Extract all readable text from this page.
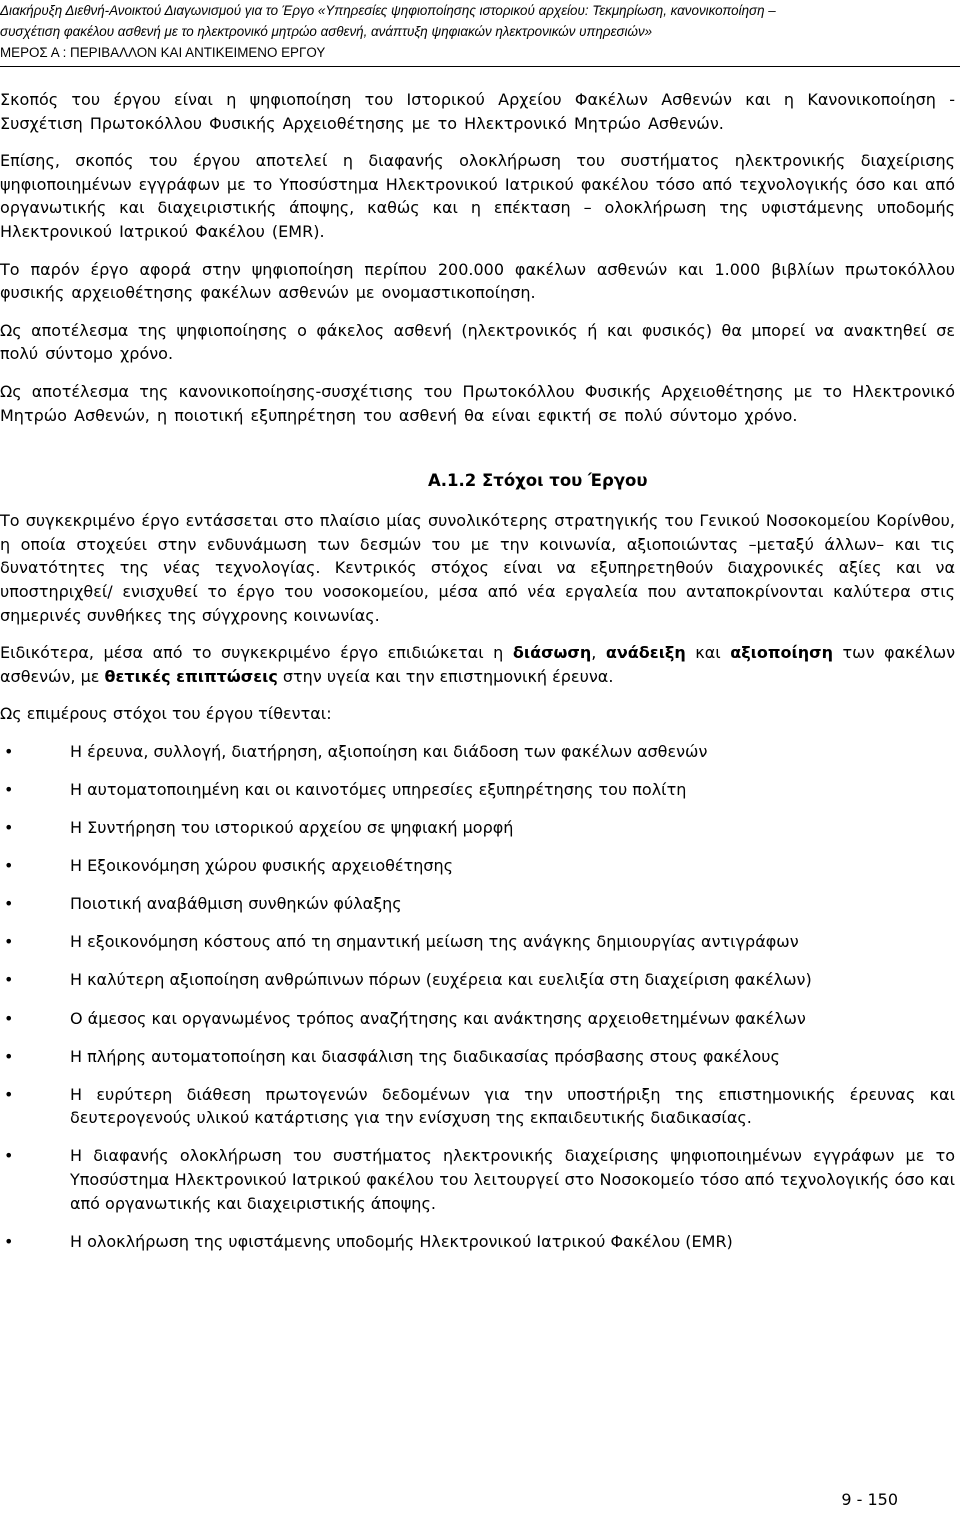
Διακήρυξη Διεθνή-Ανοικτού Διαγωνισμού για το Έργο «Υπηρεσίες ψηφιοποίησης ιστορικού αρχείου: Τεκμηρίωση, κανονικοποίηση –
συσχέτιση φακέλου ασθενή με το ηλεκτρονικό μητρώο ασθενή, ανάπτυξη ψηφιακών ηλεκτρονικών υπηρεσιών»
ΜΕΡΟΣ Α : ΠΕΡΙΒΑΛΛΟΝ ΚΑΙ ΑΝΤΙΚΕΙΜΕΝΟ ΕΡΓΟΥ

Σκοπός του έργου είναι η ψηφιοποίηση του Ιστορικού Αρχείου Φακέλων Ασθενών και η Κανονικοποίηση - Συσχέτιση Πρωτοκόλλου Φυσικής Αρχειοθέτησης με το Ηλεκτρονικό Μητρώο Ασθενών.

Επίσης, σκοπός του έργου αποτελεί η διαφανής ολοκλήρωση του συστήματος ηλεκτρονικής διαχείρισης ψηφιοποιημένων εγγράφων με το Υποσύστημα Ηλεκτρονικού Ιατρικού φακέλου τόσο από τεχνολογικής όσο και από οργανωτικής και διαχειριστικής άποψης, καθώς και η επέκταση – ολοκλήρωση της υφιστάμενης υποδομής Ηλεκτρονικού Ιατρικού Φακέλου (EMR).

Το παρόν έργο αφορά στην ψηφιοποίηση περίπου 200.000 φακέλων ασθενών και 1.000 βιβλίων πρωτοκόλλου φυσικής αρχειοθέτησης φακέλων ασθενών με ονομαστικοποίηση.

Ως αποτέλεσμα της ψηφιοποίησης ο φάκελος ασθενή (ηλεκτρονικός ή και φυσικός) θα μπορεί να ανακτηθεί σε πολύ σύντομο χρόνο.

Ως αποτέλεσμα της κανονικοποίησης-συσχέτισης του Πρωτοκόλλου Φυσικής Αρχειοθέτησης με το Ηλεκτρονικό Μητρώο Ασθενών, η ποιοτική εξυπηρέτηση του ασθενή θα είναι εφικτή σε πολύ σύντομο χρόνο.

Α.1.2 Στόχοι του Έργου

Το συγκεκριμένο έργο εντάσσεται στο πλαίσιο μίας συνολικότερης στρατηγικής του Γενικού Νοσοκομείου Κορίνθου, η οποία στοχεύει στην ενδυνάμωση των δεσμών του με την κοινωνία, αξιοποιώντας –μεταξύ άλλων– και τις δυνατότητες της νέας τεχνολογίας. Κεντρικός στόχος είναι να εξυπηρετηθούν διαχρονικές αξίες και να υποστηριχθεί/ ενισχυθεί το έργο του νοσοκομείου, μέσα από νέα εργαλεία που ανταποκρίνονται καλύτερα στις σημερινές συνθήκες της σύγχρονης κοινωνίας.

Ειδικότερα, μέσα από το συγκεκριμένο έργο επιδιώκεται η διάσωση, ανάδειξη και αξιοποίηση των φακέλων ασθενών, με θετικές επιπτώσεις στην υγεία και την επιστημονική έρευνα.

Ως επιμέρους στόχοι του έργου τίθενται:

•	Η έρευνα, συλλογή, διατήρηση, αξιοποίηση και διάδοση των φακέλων ασθενών
•	Η αυτοματοποιημένη και οι καινοτόμες υπηρεσίες εξυπηρέτησης του πολίτη
•	Η Συντήρηση του ιστορικού αρχείου σε ψηφιακή μορφή
•	Η Εξοικονόμηση χώρου φυσικής αρχειοθέτησης
•	Ποιοτική αναβάθμιση συνθηκών φύλαξης
•	Η εξοικονόμηση κόστους από τη σημαντική μείωση της ανάγκης δημιουργίας αντιγράφων
•	Η καλύτερη αξιοποίηση ανθρώπινων πόρων (ευχέρεια και ευελιξία στη διαχείριση φακέλων)
•	Ο άμεσος και οργανωμένος τρόπος αναζήτησης και ανάκτησης αρχειοθετημένων φακέλων
•	Η πλήρης αυτοματοποίηση και διασφάλιση της διαδικασίας πρόσβασης στους φακέλους
•	Η ευρύτερη διάθεση πρωτογενών δεδομένων για την υποστήριξη της επιστημονικής έρευνας και δευτερογενούς υλικού κατάρτισης για την ενίσχυση της εκπαιδευτικής διαδικασίας.
•	Η διαφανής ολοκλήρωση του συστήματος ηλεκτρονικής διαχείρισης ψηφιοποιημένων εγγράφων με το Υποσύστημα Ηλεκτρονικού Ιατρικού φακέλου του λειτουργεί στο Νοσοκομείο τόσο από τεχνολογικής όσο και από οργανωτικής και διαχειριστικής άποψης.
•	Η ολοκλήρωση της υφιστάμενης υποδομής Ηλεκτρονικού Ιατρικού Φακέλου (EMR)
9 - 150
